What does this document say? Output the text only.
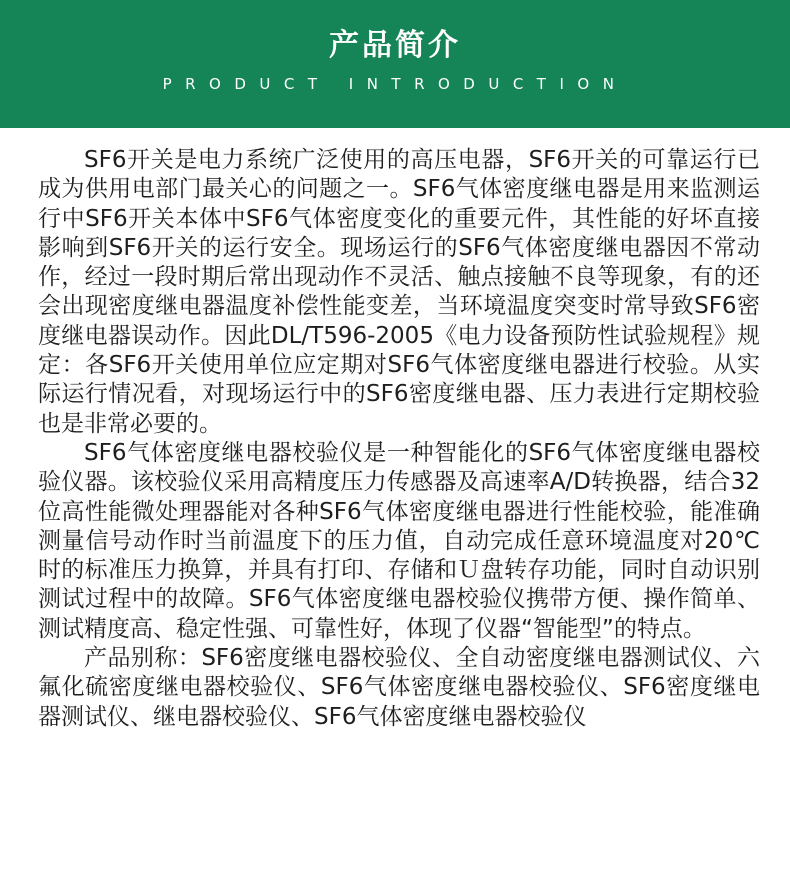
产品简介
PRODUCT INTRODUCTION

SF6开关是电力系统广泛使用的高压电器，SF6开关的可靠运行已成为供用电部门最关心的问题之一。SF6气体密度继电器是用来监测运行中SF6开关本体中SF6气体密度变化的重要元件，其性能的好坏直接影响到SF6开关的运行安全。现场运行的SF6气体密度继电器因不常动作，经过一段时期后常出现动作不灵活、触点接触不良等现象，有的还会出现密度继电器温度补偿性能变差，当环境温度突变时常导致SF6密度继电器误动作。因此DL/T596-2005《电力设备预防性试验规程》规定：各SF6开关使用单位应定期对SF6气体密度继电器进行校验。从实际运行情况看，对现场运行中的SF6密度继电器、压力表进行定期校验也是非常必要的。

SF6气体密度继电器校验仪是一种智能化的SF6气体密度继电器校验仪器。该校验仪采用高精度压力传感器及高速率A/D转换器，结合32位高性能微处理器能对各种SF6气体密度继电器进行性能校验，能准确测量信号动作时当前温度下的压力值，自动完成任意环境温度对20℃时的标准压力换算，并具有打印、存储和Ｕ盘转存功能，同时自动识别测试过程中的故障。SF6气体密度继电器校验仪携带方便、操作简单、测试精度高、稳定性强、可靠性好，体现了仪器“智能型”的特点。

产品别称：SF6密度继电器校验仪、全自动密度继电器测试仪、六氟化硫密度继电器校验仪、SF6气体密度继电器校验仪、SF6密度继电器测试仪、继电器校验仪、SF6气体密度继电器校验仪
